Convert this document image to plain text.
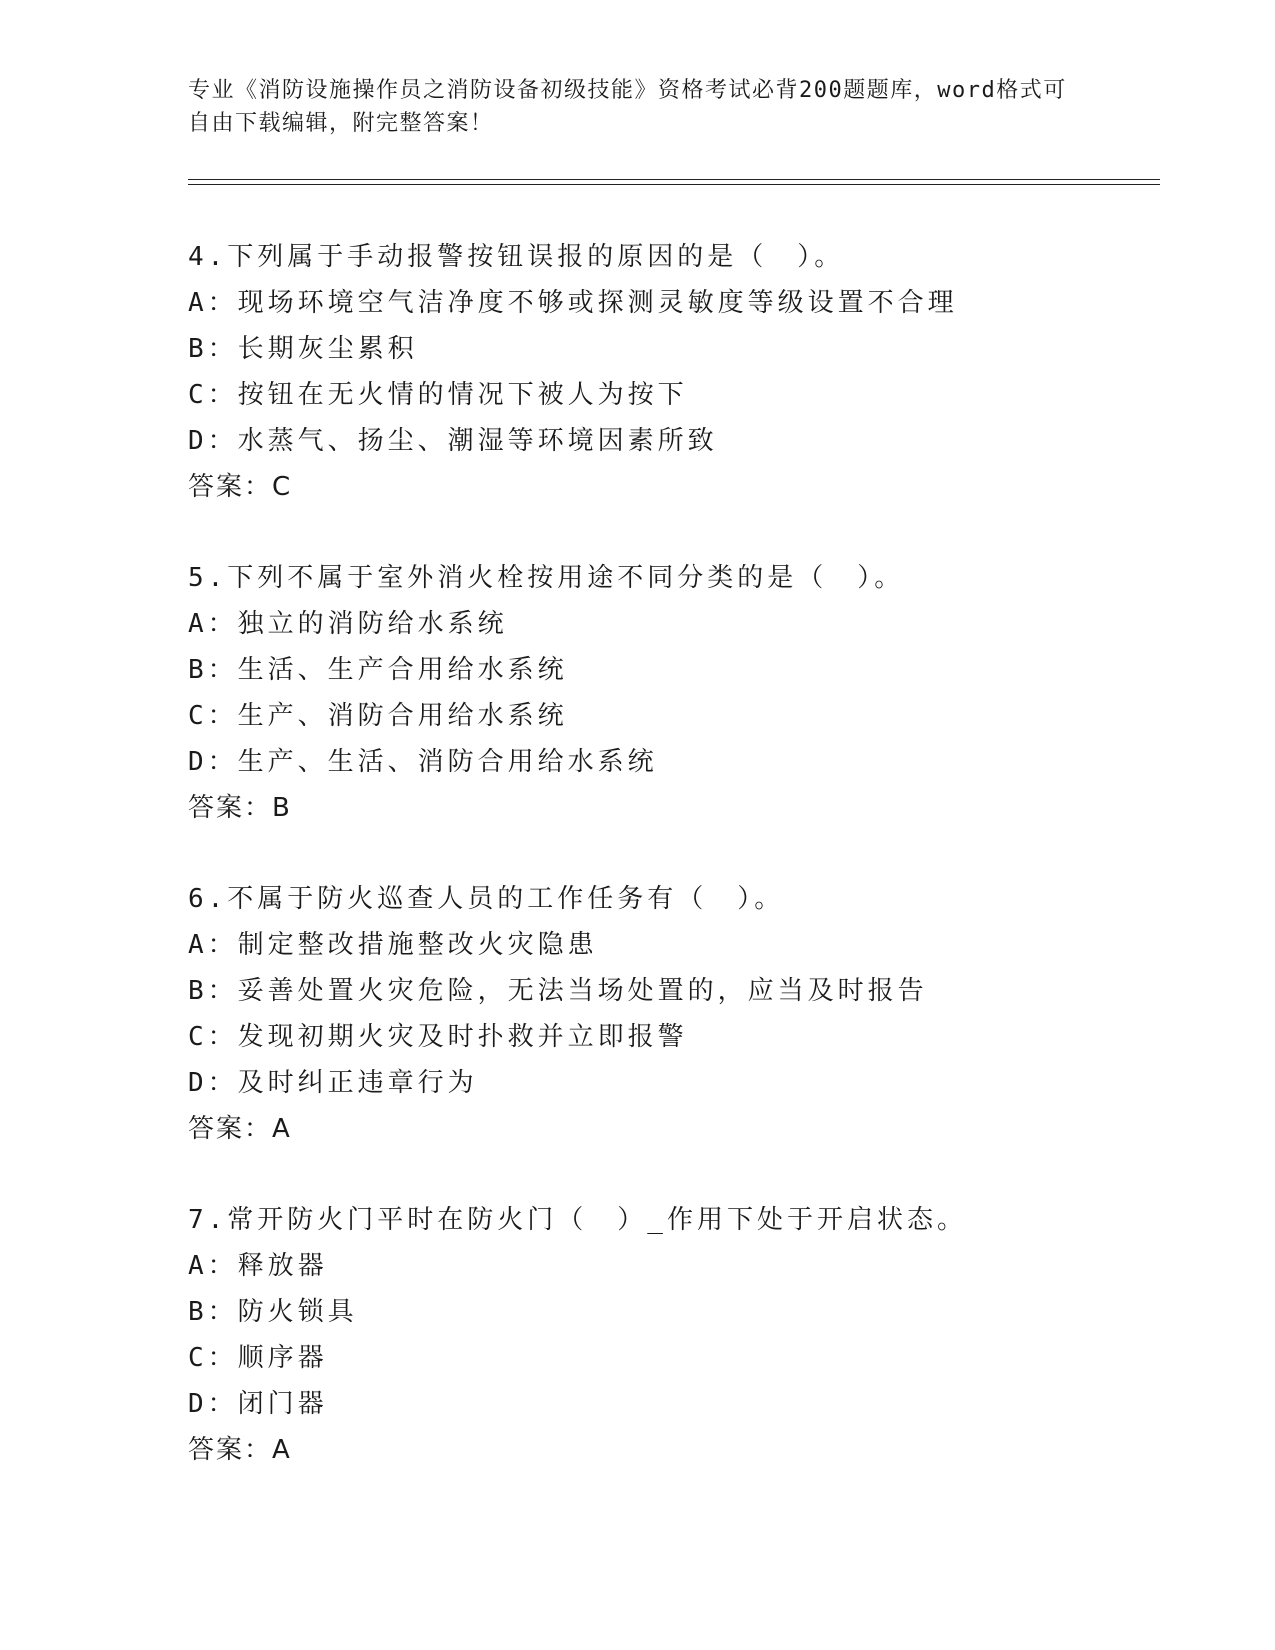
专业《消防设施操作员之消防设备初级技能》资格考试必背200题题库，word格式可自由下载编辑，附完整答案！
4.下列属于手动报警按钮误报的原因的是（　）。
A：现场环境空气洁净度不够或探测灵敏度等级设置不合理
B：长期灰尘累积
C：按钮在无火情的情况下被人为按下
D：水蒸气、扬尘、潮湿等环境因素所致
答案：C
5.下列不属于室外消火栓按用途不同分类的是（　）。
A：独立的消防给水系统
B：生活、生产合用给水系统
C：生产、消防合用给水系统
D：生产、生活、消防合用给水系统
答案：B
6.不属于防火巡查人员的工作任务有（　）。
A：制定整改措施整改火灾隐患
B：妥善处置火灾危险，无法当场处置的，应当及时报告
C：发现初期火灾及时扑救并立即报警
D：及时纠正违章行为
答案：A
7.常开防火门平时在防火门（　）_作用下处于开启状态。
A：释放器
B：防火锁具
C：顺序器
D：闭门器
答案：A
